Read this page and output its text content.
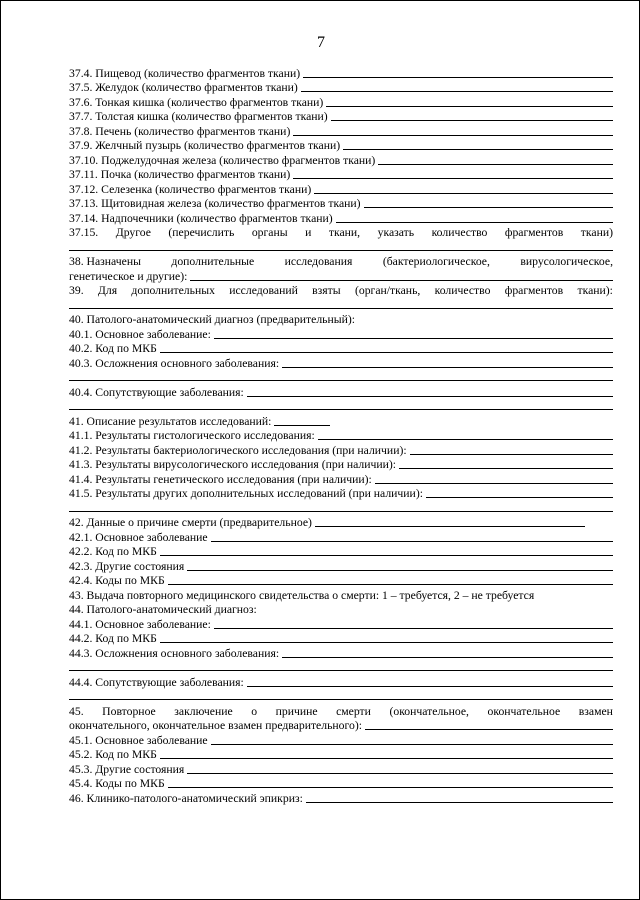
7
37.4. Пищевод (количество фрагментов ткани)
37.5. Желудок (количество фрагментов ткани)
37.6. Тонкая кишка (количество фрагментов ткани)
37.7. Толстая кишка (количество фрагментов ткани)
37.8. Печень (количество фрагментов ткани)
37.9. Желчный пузырь (количество фрагментов ткани)
37.10. Поджелудочная железа (количество фрагментов ткани)
37.11. Почка (количество фрагментов ткани)
37.12. Селезенка (количество фрагментов ткани)
37.13. Щитовидная железа (количество фрагментов ткани)
37.14. Надпочечники (количество фрагментов ткани)
37.15. Другое (перечислить органы и ткани, указать количество фрагментов ткани)
38. Назначены	дополнительные	исследования	(бактериологическое,	вирусологическое,
генетическое и другие):
39. Для дополнительных исследований взяты (орган/ткань, количество фрагментов ткани):
40. Патолого-анатомический диагноз (предварительный):
40.1. Основное заболевание:
40.2. Код по МКБ
40.3. Осложнения основного заболевания:
40.4. Сопутствующие заболевания:
41. Описание результатов исследований:
41.1. Результаты гистологического исследования:
41.2. Результаты бактериологического исследования (при наличии):
41.3. Результаты вирусологического исследования (при наличии):
41.4. Результаты генетического исследования (при наличии):
41.5. Результаты других дополнительных исследований (при наличии):
42. Данные о причине смерти (предварительное)
42.1. Основное заболевание
42.2. Код по МКБ
42.3. Другие состояния
42.4. Коды по МКБ
43. Выдача повторного медицинского свидетельства о смерти: 1 – требуется, 2 – не требуется
44. Патолого-анатомический диагноз:
44.1. Основное заболевание:
44.2. Код по МКБ
44.3. Осложнения основного заболевания:
44.4. Сопутствующие заболевания:
45. Повторное заключение о причине смерти (окончательное, окончательное взамен
окончательного, окончательное взамен предварительного):
45.1. Основное заболевание
45.2. Код по МКБ
45.3. Другие состояния
45.4. Коды по МКБ
46. Клинико-патолого-анатомический эпикриз:
